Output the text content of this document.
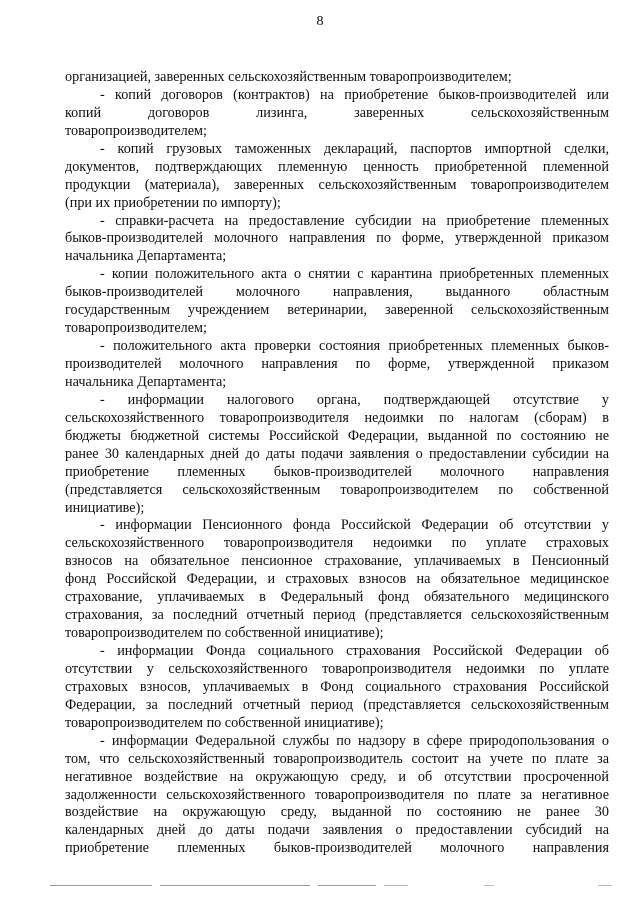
8
организацией, заверенных сельскохозяйственным товаропроизводителем;
- копий договоров (контрактов) на приобретение быков-производителей или
копий договоров лизинга, заверенных сельскохозяйственным
товаропроизводителем;
- копий грузовых таможенных деклараций, паспортов импортной сделки,
документов, подтверждающих племенную ценность приобретенной племенной
продукции (материала), заверенных сельскохозяйственным товаропроизводителем
(при их приобретении по импорту);
- справки-расчета на предоставление субсидии на приобретение племенных
быков-производителей молочного направления по форме, утвержденной приказом
начальника Департамента;
- копии положительного акта о снятии с карантина приобретенных племенных
быков-производителей молочного направления, выданного областным
государственным учреждением ветеринарии, заверенной сельскохозяйственным
товаропроизводителем;
- положительного акта проверки состояния приобретенных племенных быков-
производителей молочного направления по форме, утвержденной приказом
начальника Департамента;
- информации налогового органа, подтверждающей отсутствие у
сельскохозяйственного товаропроизводителя недоимки по налогам (сборам) в
бюджеты бюджетной системы Российской Федерации, выданной по состоянию не
ранее 30 календарных дней до даты подачи заявления о предоставлении субсидии на
приобретение племенных быков-производителей молочного направления
(представляется сельскохозяйственным товаропроизводителем по собственной
инициативе);
- информации Пенсионного фонда Российской Федерации об отсутствии у
сельскохозяйственного товаропроизводителя недоимки по уплате страховых
взносов на обязательное пенсионное страхование, уплачиваемых в Пенсионный
фонд Российской Федерации, и страховых взносов на обязательное медицинское
страхование, уплачиваемых в Федеральный фонд обязательного медицинского
страхования, за последний отчетный период (представляется сельскохозяйственным
товаропроизводителем по собственной инициативе);
- информации Фонда социального страхования Российской Федерации об
отсутствии у сельскохозяйственного товаропроизводителя недоимки по уплате
страховых взносов, уплачиваемых в Фонд социального страхования Российской
Федерации, за последний отчетный период (представляется сельскохозяйственным
товаропроизводителем по собственной инициативе);
- информации Федеральной службы по надзору в сфере природопользования о
том, что сельскохозяйственный товаропроизводитель состоит на учете по плате за
негативное воздействие на окружающую среду, и об отсутствии просроченной
задолженности сельскохозяйственного товаропроизводителя по плате за негативное
воздействие на окружающую среду, выданной по состоянию не ранее 30
календарных дней до даты подачи заявления о предоставлении субсидий на
приобретение племенных быков-производителей молочного направления
